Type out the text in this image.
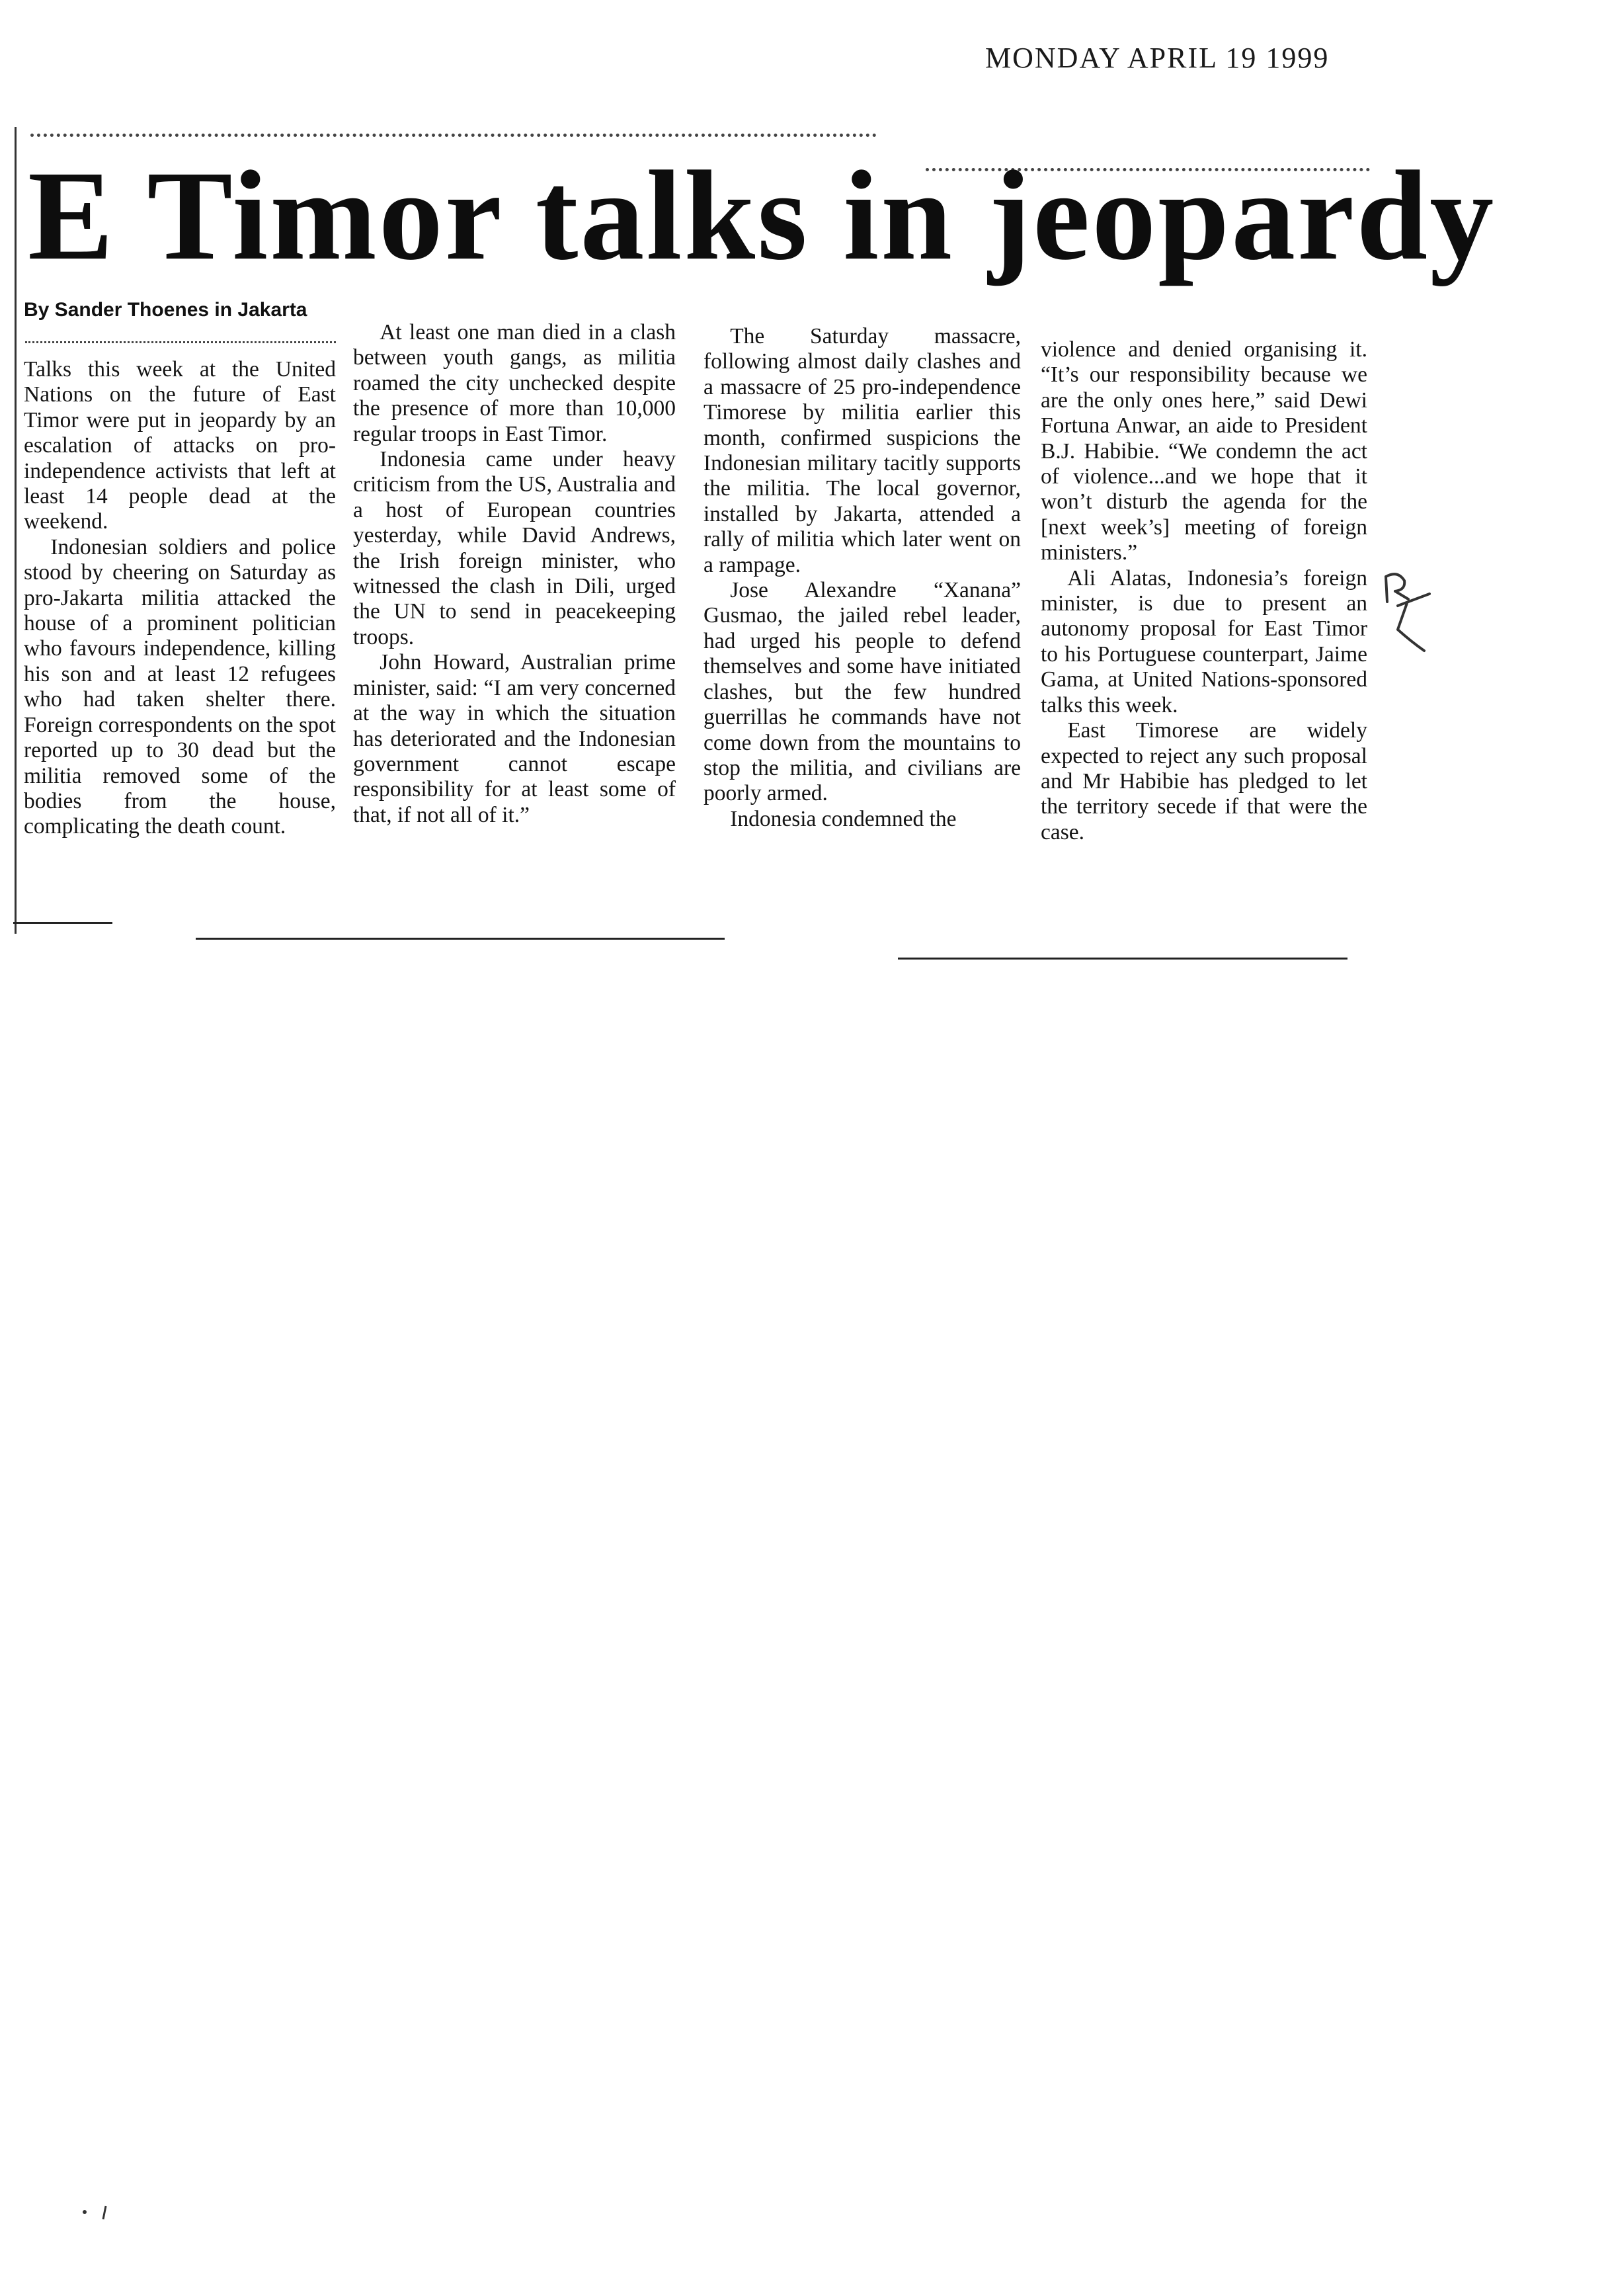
MONDAY APRIL 19 1999
E Timor talks in jeopardy
By Sander Thoenes in Jakarta

Talks this week at the United Nations on the future of East Timor were put in jeopardy by an escalation of attacks on pro-independence activists that left at least 14 people dead at the weekend.

Indonesian soldiers and police stood by cheering on Saturday as pro-Jakarta militia attacked the house of a prominent politician who favours independence, killing his son and at least 12 refugees who had taken shelter there. Foreign correspondents on the spot reported up to 30 dead but the militia removed some of the bodies from the house, complicating the death count.

At least one man died in a clash between youth gangs, as militia roamed the city unchecked despite the presence of more than 10,000 regular troops in East Timor.

Indonesia came under heavy criticism from the US, Australia and a host of European countries yesterday, while David Andrews, the Irish foreign minister, who witnessed the clash in Dili, urged the UN to send in peacekeeping troops.

John Howard, Australian prime minister, said: “I am very concerned at the way in which the situation has deteriorated and the Indonesian government cannot escape responsibility for at least some of that, if not all of it.”

The Saturday massacre, following almost daily clashes and a massacre of 25 pro-independence Timorese by militia earlier this month, confirmed suspicions the Indonesian military tacitly supports the militia. The local governor, installed by Jakarta, attended a rally of militia which later went on a rampage.

Jose Alexandre “Xanana” Gusmao, the jailed rebel leader, had urged his people to defend themselves and some have initiated clashes, but the few hundred guerrillas he commands have not come down from the mountains to stop the militia, and civilians are poorly armed.

Indonesia condemned the

violence and denied organising it. “It’s our responsibility because we are the only ones here,” said Dewi Fortuna Anwar, an aide to President B.J. Habibie. “We condemn the act of violence...and we hope that it won’t disturb the agenda for the [next week’s] meeting of foreign ministers.”

Ali Alatas, Indonesia’s foreign minister, is due to present an autonomy proposal for East Timor to his Portuguese counterpart, Jaime Gama, at United Nations-sponsored talks this week.

East Timorese are widely expected to reject any such proposal and Mr Habibie has pledged to let the territory secede if that were the case.
